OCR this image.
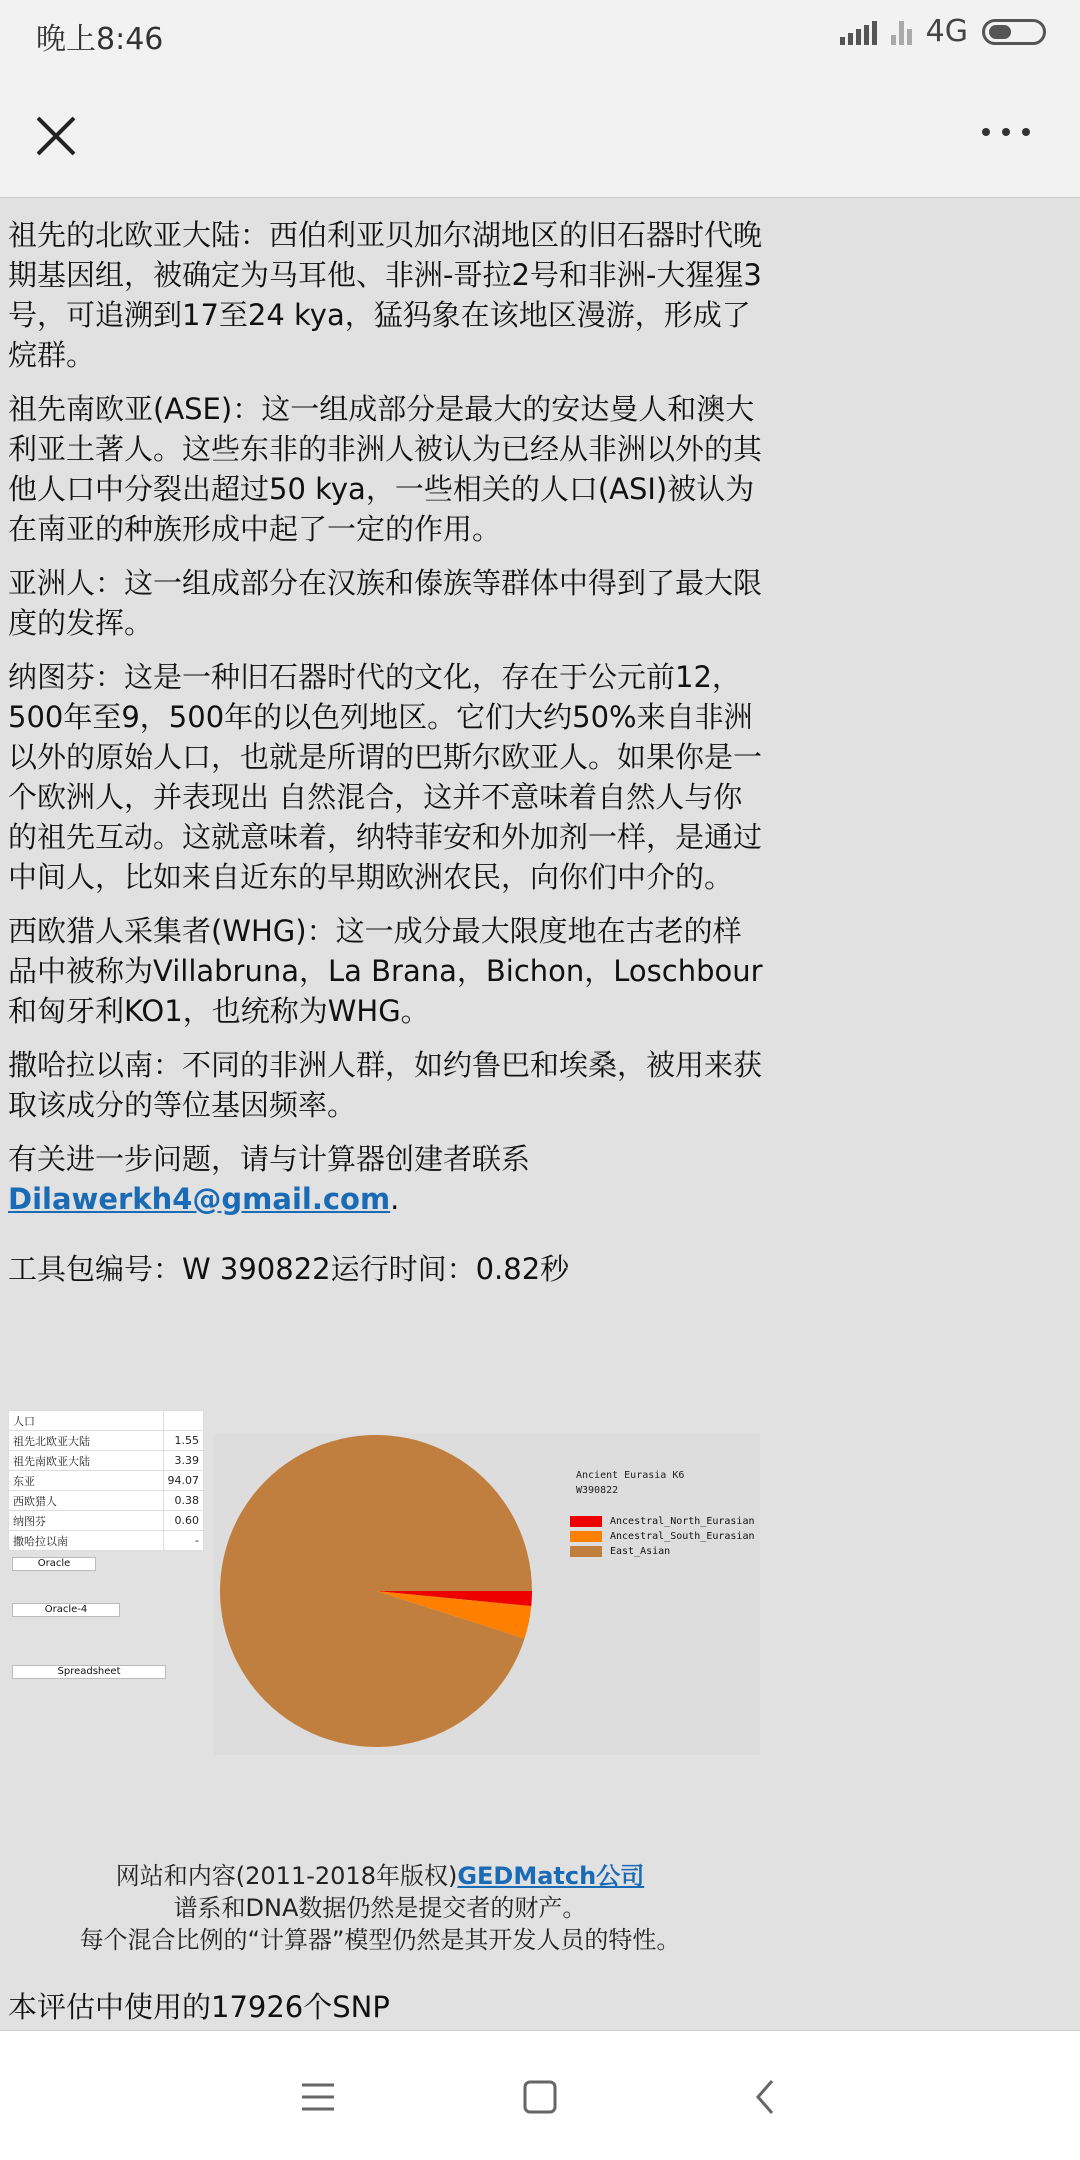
晚上8:46	4G

祖先的北欧亚大陆：西伯利亚贝加尔湖地区的旧石器时代晚期基因组，被确定为马耳他、非洲-哥拉2号和非洲-大猩猩3号，可追溯到17至24 kya，猛犸象在该地区漫游，形成了烷群。

祖先南欧亚(ASE)：这一组成部分是最大的安达曼人和澳大利亚土著人。这些东非的非洲人被认为已经从非洲以外的其他人口中分裂出超过50 kya，一些相关的人口(ASI)被认为在南亚的种族形成中起了一定的作用。

亚洲人：这一组成部分在汉族和傣族等群体中得到了最大限度的发挥。

纳图芬：这是一种旧石器时代的文化，存在于公元前12，500年至9，500年的以色列地区。它们大约50%来自非洲以外的原始人口，也就是所谓的巴斯尔欧亚人。如果你是一个欧洲人，并表现出 自然混合，这并不意味着自然人与你的祖先互动。这就意味着，纳特菲安和外加剂一样，是通过中间人，比如来自近东的早期欧洲农民，向你们中介的。

西欧猎人采集者(WHG)：这一成分最大限度地在古老的样品中被称为Villabruna，La Brana，Bichon，Loschbour和匈牙利KO1，也统称为WHG。

撒哈拉以南：不同的非洲人群，如约鲁巴和埃桑，被用来获取该成分的等位基因频率。

有关进一步问题，请与计算器创建者联系Dilawerkh4@gmail.com.

工具包编号：W 390822运行时间：0.82秒

人口	
祖先北欧亚大陆	1.55
祖先南欧亚大陆	3.39
东亚	94.07
西欧猎人	0.38
纳图芬	0.60
撒哈拉以南	-
Oracle
Oracle-4
Spreadsheet
Ancient Eurasia K6
W390822
Ancestral_North_Eurasian
Ancestral_South_Eurasian
East_Asian
网站和内容(2011-2018年版权)GEDMatch公司
谱系和DNA数据仍然是提交者的财产。
每个混合比例的“计算器”模型仍然是其开发人员的特性。
本评估中使用的17926个SNP
